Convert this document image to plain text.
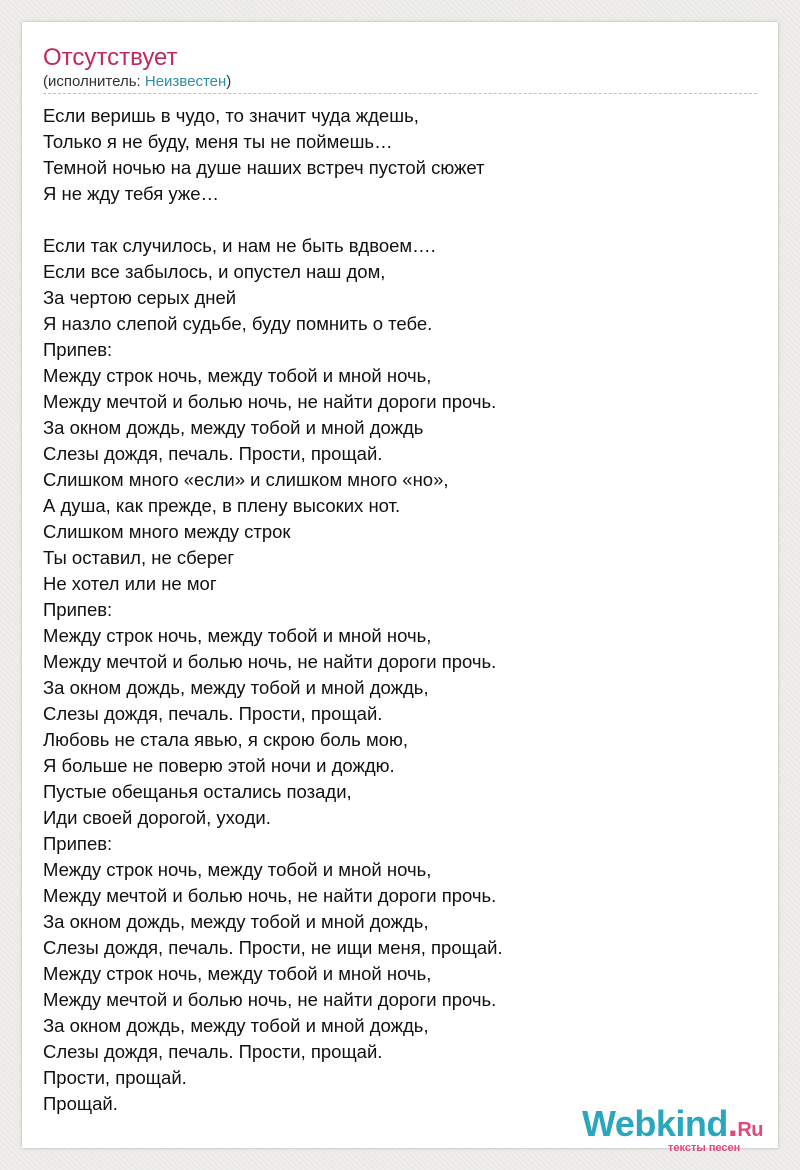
Отсутствует
(исполнитель: Неизвестен)
Если веришь в чудо, то значит чуда ждешь,
Только я не буду, меня ты не поймешь…
Темной ночью на душе наших встреч пустой сюжет
Я не жду тебя уже…
Если так случилось, и нам не быть вдвоем….
Если все забылось, и опустел наш дом,
За чертою серых дней
Я назло слепой судьбе, буду помнить о тебе.
Припев:
Между строк ночь, между тобой и мной ночь,
Между мечтой и болью ночь, не найти дороги прочь.
За окном дождь, между тобой и мной дождь
Слезы дождя, печаль. Прости, прощай.
Слишком много «если» и слишком много «но»,
А душа, как прежде, в плену высоких нот.
Слишком много между строк
Ты оставил, не сберег
Не хотел или не мог
Припев:
Между строк ночь, между тобой и мной ночь,
Между мечтой и болью ночь, не найти дороги прочь.
За окном дождь, между тобой и мной дождь,
Слезы дождя, печаль. Прости, прощай.
Любовь не стала явью, я скрою боль мою,
Я больше не поверю этой ночи и дождю.
Пустые обещанья остались позади,
Иди своей дорогой, уходи.
Припев:
Между строк ночь, между тобой и мной ночь,
Между мечтой и болью ночь, не найти дороги прочь.
За окном дождь, между тобой и мной дождь,
Слезы дождя, печаль. Прости, не ищи меня, прощай.
Между строк ночь, между тобой и мной ночь,
Между мечтой и болью ночь, не найти дороги прочь.
За окном дождь, между тобой и мной дождь,
Слезы дождя, печаль. Прости, прощай.
Прости, прощай.
Прощай.	Webkind.Ru
тексты песен
